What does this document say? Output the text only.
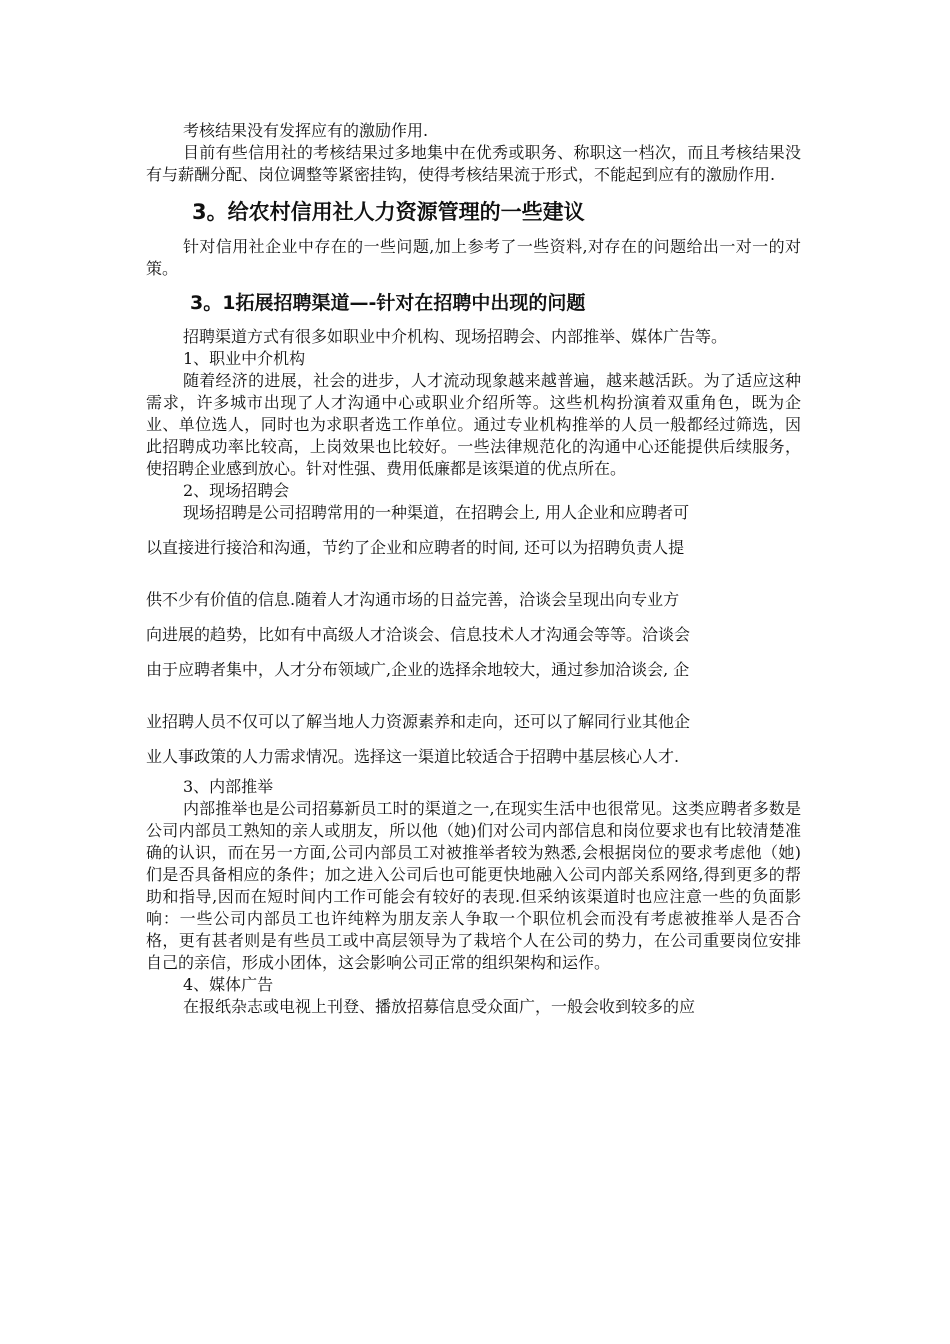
考核结果没有发挥应有的激励作用.

目前有些信用社的考核结果过多地集中在优秀或职务、称职这一档次，而且考核结果没有与薪酬分配、岗位调整等紧密挂钩，使得考核结果流于形式，不能起到应有的激励作用.

3。给农村信用社人力资源管理的一些建议

针对信用社企业中存在的一些问题,加上参考了一些资料,对存在的问题给出一对一的对策。

3。1拓展招聘渠道—-针对在招聘中出现的问题

招聘渠道方式有很多如职业中介机构、现场招聘会、内部推举、媒体广告等。

1、职业中介机构

随着经济的进展，社会的进步，人才流动现象越来越普遍，越来越活跃。为了适应这种需求，许多城市出现了人才沟通中心或职业介绍所等。这些机构扮演着双重角色，既为企业、单位选人，同时也为求职者选工作单位。通过专业机构推举的人员一般都经过筛选，因此招聘成功率比较高，上岗效果也比较好。一些法律规范化的沟通中心还能提供后续服务，使招聘企业感到放心。针对性强、费用低廉都是该渠道的优点所在。

2、现场招聘会

现场招聘是公司招聘常用的一种渠道，在招聘会上, 用人企业和应聘者可
以直接进行接洽和沟通，节约了企业和应聘者的时间, 还可以为招聘负责人提
供不少有价值的信息.随着人才沟通市场的日益完善，洽谈会呈现出向专业方
向进展的趋势，比如有中高级人才洽谈会、信息技术人才沟通会等等。洽谈会
由于应聘者集中，人才分布领域广,企业的选择余地较大，通过参加洽谈会, 企
业招聘人员不仅可以了解当地人力资源素养和走向，还可以了解同行业其他企
业人事政策的人力需求情况。选择这一渠道比较适合于招聘中基层核心人才.

3、内部推举

内部推举也是公司招募新员工时的渠道之一,在现实生活中也很常见。这类应聘者多数是公司内部员工熟知的亲人或朋友，所以他（她)们对公司内部信息和岗位要求也有比较清楚准确的认识，而在另一方面,公司内部员工对被推举者较为熟悉,会根据岗位的要求考虑他（她)们是否具备相应的条件；加之进入公司后也可能更快地融入公司内部关系网络,得到更多的帮助和指导,因而在短时间内工作可能会有较好的表现.但采纳该渠道时也应注意一些的负面影响：一些公司内部员工也许纯粹为朋友亲人争取一个职位机会而没有考虑被推举人是否合格，更有甚者则是有些员工或中高层领导为了栽培个人在公司的势力，在公司重要岗位安排自己的亲信，形成小团体，这会影响公司正常的组织架构和运作。

4、媒体广告

在报纸杂志或电视上刊登、播放招募信息受众面广，一般会收到较多的应
